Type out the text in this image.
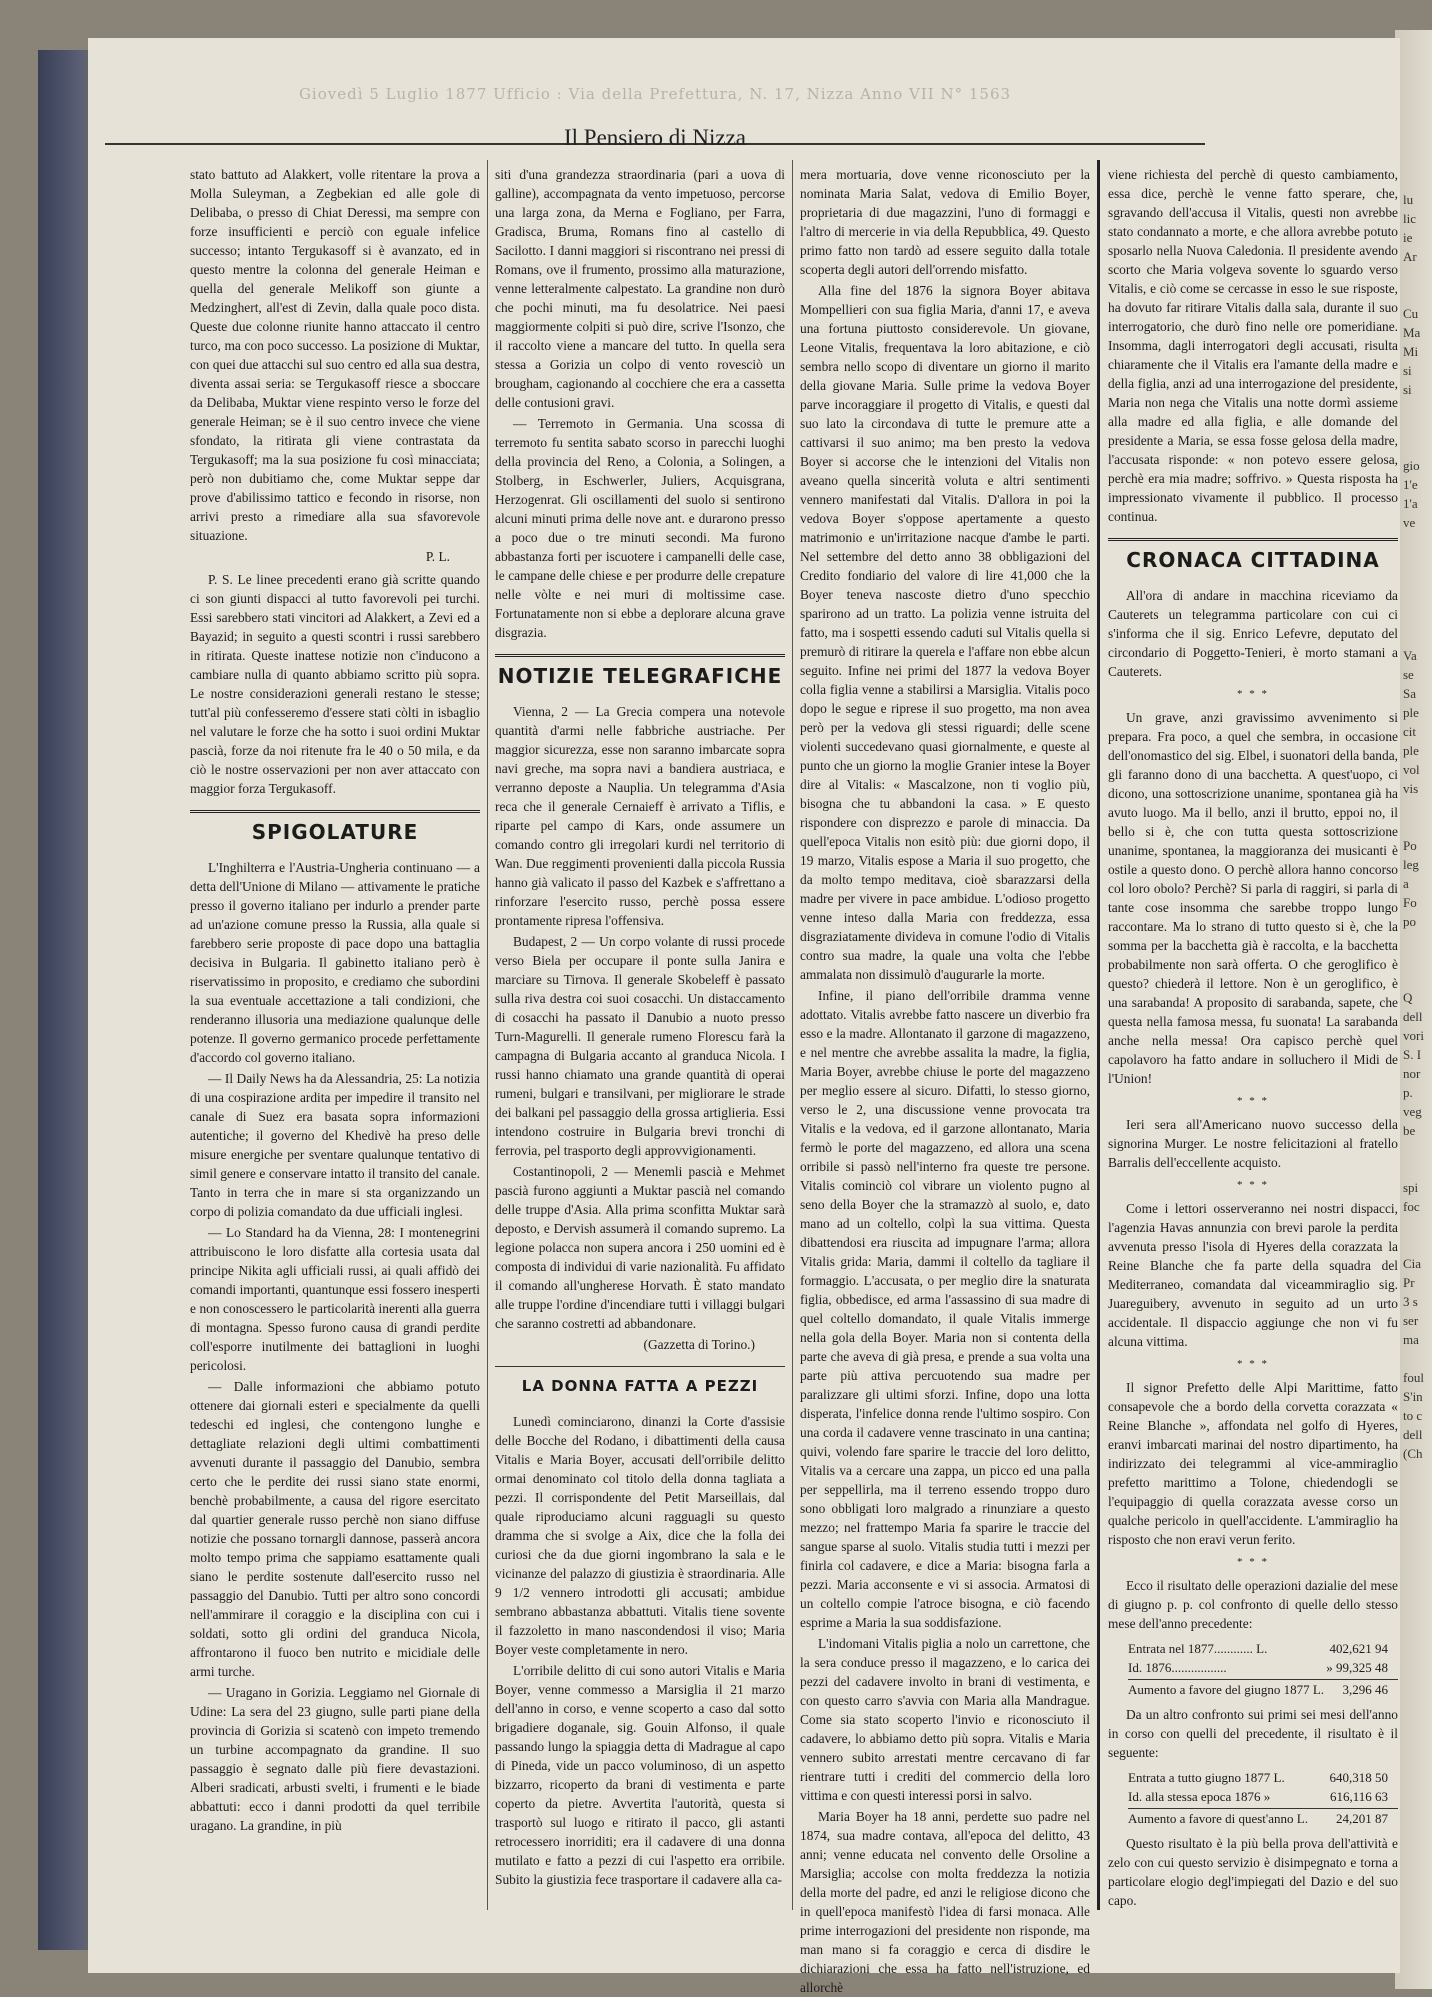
Giovedì 5 Luglio 1877 Ufficio : Via della Prefettura, N. 17, Nizza Anno VII N° 1563
Il Pensiero di Nizza

stato battuto ad Alakkert, volle ritentare la prova a Molla Suleyman, a Zegbekian ed alle gole di Delibaba, o presso di Chiat Deressi, ma sempre con forze insufficienti e perciò con eguale infelice successo; intanto Tergukasoff si è avanzato, ed in questo mentre la colonna del generale Heiman e quella del generale Melikoff son giunte a Medzinghert, all'est di Zevin, dalla quale poco dista. Queste due colonne riunite hanno attaccato il centro turco, ma con poco successo. La posizione di Muktar, con quei due attacchi sul suo centro ed alla sua destra, diventa assai seria: se Tergukasoff riesce a sboccare da Delibaba, Muktar viene respinto verso le forze del generale Heiman; se è il suo centro invece che viene sfondato, la ritirata gli viene contrastata da Tergukasoff; ma la sua posizione fu così minacciata; però non dubitiamo che, come Muktar seppe dar prove d'abilissimo tattico e fecondo in risorse, non arrivi presto a rimediare alla sua sfavorevole situazione.

P. L.

P. S. Le linee precedenti erano già scritte quando ci son giunti dispacci al tutto favorevoli pei turchi. Essi sarebbero stati vincitori ad Alakkert, a Zevi ed a Bayazid; in seguito a questi scontri i russi sarebbero in ritirata. Queste inattese notizie non c'inducono a cambiare nulla di quanto abbiamo scritto più sopra. Le nostre considerazioni generali restano le stesse; tutt'al più confesseremo d'essere stati còlti in isbaglio nel valutare le forze che ha sotto i suoi ordini Muktar pascià, forze da noi ritenute fra le 40 o 50 mila, e da ciò le nostre osservazioni per non aver attaccato con maggior forza Tergukasoff.

SPIGOLATURE

L'Inghilterra e l'Austria-Ungheria continuano — a detta dell'Unione di Milano — attivamente le pratiche presso il governo italiano per indurlo a prender parte ad un'azione comune presso la Russia, alla quale si farebbero serie proposte di pace dopo una battaglia decisiva in Bulgaria. Il gabinetto italiano però è riservatissimo in proposito, e crediamo che subordini la sua eventuale accettazione a tali condizioni, che renderanno illusoria una mediazione qualunque delle potenze. Il governo germanico procede perfettamente d'accordo col governo italiano.

— Il Daily News ha da Alessandria, 25: La notizia di una cospirazione ardita per impedire il transito nel canale di Suez era basata sopra informazioni autentiche; il governo del Khedivè ha preso delle misure energiche per sventare qualunque tentativo di simil genere e conservare intatto il transito del canale. Tanto in terra che in mare si sta organizzando un corpo di polizia comandato da due ufficiali inglesi.

— Lo Standard ha da Vienna, 28: I montenegrini attribuiscono le loro disfatte alla cortesia usata dal principe Nikita agli ufficiali russi, ai quali affidò dei comandi importanti, quantunque essi fossero inesperti e non conoscessero le particolarità inerenti alla guerra di montagna. Spesso furono causa di grandi perdite coll'esporre inutilmente dei battaglioni in luoghi pericolosi.

— Dalle informazioni che abbiamo potuto ottenere dai giornali esteri e specialmente da quelli tedeschi ed inglesi, che contengono lunghe e dettagliate relazioni degli ultimi combattimenti avvenuti durante il passaggio del Danubio, sembra certo che le perdite dei russi siano state enormi, benchè probabilmente, a causa del rigore esercitato dal quartier generale russo perchè non siano diffuse notizie che possano tornargli dannose, passerà ancora molto tempo prima che sappiamo esattamente quali siano le perdite sostenute dall'esercito russo nel passaggio del Danubio. Tutti per altro sono concordi nell'ammirare il coraggio e la disciplina con cui i soldati, sotto gli ordini del granduca Nicola, affrontarono il fuoco ben nutrito e micidiale delle armi turche.

— Uragano in Gorizia. Leggiamo nel Giornale di Udine: La sera del 23 giugno, sulle parti piane della provincia di Gorizia si scatenò con impeto tremendo un turbine accompagnato da grandine. Il suo passaggio è segnato dalle più fiere devastazioni. Alberi sradicati, arbusti svelti, i frumenti e le biade abbattuti: ecco i danni prodotti da quel terribile uragano. La grandine, in più

siti d'una grandezza straordinaria (pari a uova di galline), accompagnata da vento impetuoso, percorse una larga zona, da Merna e Fogliano, per Farra, Gradisca, Bruma, Romans fino al castello di Sacilotto. I danni maggiori si riscontrano nei pressi di Romans, ove il frumento, prossimo alla maturazione, venne letteralmente calpestato. La grandine non durò che pochi minuti, ma fu desolatrice. Nei paesi maggiormente colpiti si può dire, scrive l'Isonzo, che il raccolto viene a mancare del tutto. In quella sera stessa a Gorizia un colpo di vento rovesciò un brougham, cagionando al cocchiere che era a cassetta delle contusioni gravi.

— Terremoto in Germania. Una scossa di terremoto fu sentita sabato scorso in parecchi luoghi della provincia del Reno, a Colonia, a Solingen, a Stolberg, in Eschwerler, Juliers, Acquisgrana, Herzogenrat. Gli oscillamenti del suolo si sentirono alcuni minuti prima delle nove ant. e durarono presso a poco due o tre minuti secondi. Ma furono abbastanza forti per iscuotere i campanelli delle case, le campane delle chiese e per produrre delle crepature nelle vòlte e nei muri di moltissime case. Fortunatamente non si ebbe a deplorare alcuna grave disgrazia.

NOTIZIE TELEGRAFICHE

Vienna, 2 — La Grecia compera una notevole quantità d'armi nelle fabbriche austriache. Per maggior sicurezza, esse non saranno imbarcate sopra navi greche, ma sopra navi a bandiera austriaca, e verranno deposte a Nauplia. Un telegramma d'Asia reca che il generale Cernaieff è arrivato a Tiflis, e riparte pel campo di Kars, onde assumere un comando contro gli irregolari kurdi nel territorio di Wan. Due reggimenti provenienti dalla piccola Russia hanno già valicato il passo del Kazbek e s'affrettano a rinforzare l'esercito russo, perchè possa essere prontamente ripresa l'offensiva.

Budapest, 2 — Un corpo volante di russi procede verso Biela per occupare il ponte sulla Janira e marciare su Tirnova. Il generale Skobeleff è passato sulla riva destra coi suoi cosacchi. Un distaccamento di cosacchi ha passato il Danubio a nuoto presso Turn-Magurelli. Il generale rumeno Florescu farà la campagna di Bulgaria accanto al granduca Nicola. I russi hanno chiamato una grande quantità di operai rumeni, bulgari e transilvani, per migliorare le strade dei balkani pel passaggio della grossa artiglieria. Essi intendono costruire in Bulgaria brevi tronchi di ferrovia, pel trasporto degli approvvigionamenti.

Costantinopoli, 2 — Menemli pascià e Mehmet pascià furono aggiunti a Muktar pascià nel comando delle truppe d'Asia. Alla prima sconfitta Muktar sarà deposto, e Dervish assumerà il comando supremo. La legione polacca non supera ancora i 250 uomini ed è composta di individui di varie nazionalità. Fu affidato il comando all'ungherese Horvath. È stato mandato alle truppe l'ordine d'incendiare tutti i villaggi bulgari che saranno costretti ad abbandonare.

(Gazzetta di Torino.)
LA DONNA FATTA A PEZZI

Lunedì cominciarono, dinanzi la Corte d'assisie delle Bocche del Rodano, i dibattimenti della causa Vitalis e Maria Boyer, accusati dell'orribile delitto ormai denominato col titolo della donna tagliata a pezzi. Il corrispondente del Petit Marseillais, dal quale riproduciamo alcuni ragguagli su questo dramma che si svolge a Aix, dice che la folla dei curiosi che da due giorni ingombrano la sala e le vicinanze del palazzo di giustizia è straordinaria. Alle 9 1/2 vennero introdotti gli accusati; ambidue sembrano abbastanza abbattuti. Vitalis tiene sovente il fazzoletto in mano nascondendosi il viso; Maria Boyer veste completamente in nero.

L'orribile delitto di cui sono autori Vitalis e Maria Boyer, venne commesso a Marsiglia il 21 marzo dell'anno in corso, e venne scoperto a caso dal sotto brigadiere doganale, sig. Gouin Alfonso, il quale passando lungo la spiaggia detta di Madrague al capo di Pineda, vide un pacco voluminoso, di un aspetto bizzarro, ricoperto da brani di vestimenta e parte coperto da pietre. Avvertita l'autorità, questa si trasportò sul luogo e ritirato il pacco, gli astanti retrocessero inorriditi; era il cadavere di una donna mutilato e fatto a pezzi di cui l'aspetto era orribile. Subito la giustizia fece trasportare il cadavere alla ca-

mera mortuaria, dove venne riconosciuto per la nominata Maria Salat, vedova di Emilio Boyer, proprietaria di due magazzini, l'uno di formaggi e l'altro di mercerie in via della Repubblica, 49. Questo primo fatto non tardò ad essere seguito dalla totale scoperta degli autori dell'orrendo misfatto.

Alla fine del 1876 la signora Boyer abitava Mompellieri con sua figlia Maria, d'anni 17, e aveva una fortuna piuttosto considerevole. Un giovane, Leone Vitalis, frequentava la loro abitazione, e ciò sembra nello scopo di diventare un giorno il marito della giovane Maria. Sulle prime la vedova Boyer parve incoraggiare il progetto di Vitalis, e questi dal suo lato la circondava di tutte le premure atte a cattivarsi il suo animo; ma ben presto la vedova Boyer si accorse che le intenzioni del Vitalis non aveano quella sincerità voluta e altri sentimenti vennero manifestati dal Vitalis. D'allora in poi la vedova Boyer s'oppose apertamente a questo matrimonio e un'irritazione nacque d'ambe le parti. Nel settembre del detto anno 38 obbligazioni del Credito fondiario del valore di lire 41,000 che la Boyer teneva nascoste dietro d'uno specchio sparirono ad un tratto. La polizia venne istruita del fatto, ma i sospetti essendo caduti sul Vitalis quella si premurò di ritirare la querela e l'affare non ebbe alcun seguito. Infine nei primi del 1877 la vedova Boyer colla figlia venne a stabilirsi a Marsiglia. Vitalis poco dopo le segue e riprese il suo progetto, ma non avea però per la vedova gli stessi riguardi; delle scene violenti succedevano quasi giornalmente, e queste al punto che un giorno la moglie Granier intese la Boyer dire al Vitalis: « Mascalzone, non ti voglio più, bisogna che tu abbandoni la casa. » E questo rispondere con disprezzo e parole di minaccia. Da quell'epoca Vitalis non esitò più: due giorni dopo, il 19 marzo, Vitalis espose a Maria il suo progetto, che da molto tempo meditava, cioè sbarazzarsi della madre per vivere in pace ambidue. L'odioso progetto venne inteso dalla Maria con freddezza, essa disgraziatamente divideva in comune l'odio di Vitalis contro sua madre, la quale una volta che l'ebbe ammalata non dissimulò d'augurarle la morte.

Infine, il piano dell'orribile dramma venne adottato. Vitalis avrebbe fatto nascere un diverbio fra esso e la madre. Allontanato il garzone di magazzeno, e nel mentre che avrebbe assalita la madre, la figlia, Maria Boyer, avrebbe chiuse le porte del magazzeno per meglio essere al sicuro. Difatti, lo stesso giorno, verso le 2, una discussione venne provocata tra Vitalis e la vedova, ed il garzone allontanato, Maria fermò le porte del magazzeno, ed allora una scena orribile si passò nell'interno fra queste tre persone. Vitalis cominciò col vibrare un violento pugno al seno della Boyer che la stramazzò al suolo, e, dato mano ad un coltello, colpì la sua vittima. Questa dibattendosi era riuscita ad impugnare l'arma; allora Vitalis grida: Maria, dammi il coltello da tagliare il formaggio. L'accusata, o per meglio dire la snaturata figlia, obbedisce, ed arma l'assassino di sua madre di quel coltello domandato, il quale Vitalis immerge nella gola della Boyer. Maria non si contenta della parte che aveva di già presa, e prende a sua volta una parte più attiva percuotendo sua madre per paralizzare gli ultimi sforzi. Infine, dopo una lotta disperata, l'infelice donna rende l'ultimo sospiro. Con una corda il cadavere venne trascinato in una cantina; quivi, volendo fare sparire le traccie del loro delitto, Vitalis va a cercare una zappa, un picco ed una palla per seppellirla, ma il terreno essendo troppo duro sono obbligati loro malgrado a rinunziare a questo mezzo; nel frattempo Maria fa sparire le traccie del sangue sparse al suolo. Vitalis studia tutti i mezzi per finirla col cadavere, e dice a Maria: bisogna farla a pezzi. Maria acconsente e vi si associa. Armatosi di un coltello compie l'atroce bisogna, e ciò facendo esprime a Maria la sua soddisfazione.

L'indomani Vitalis piglia a nolo un carrettone, che la sera conduce presso il magazzeno, e lo carica dei pezzi del cadavere involto in brani di vestimenta, e con questo carro s'avvia con Maria alla Mandrague. Come sia stato scoperto l'invio e riconosciuto il cadavere, lo abbiamo detto più sopra. Vitalis e Maria vennero subito arrestati mentre cercavano di far rientrare tutti i crediti del commercio della loro vittima e con questi interessi porsi in salvo.

Maria Boyer ha 18 anni, perdette suo padre nel 1874, sua madre contava, all'epoca del delitto, 43 anni; venne educata nel convento delle Orsoline a Marsiglia; accolse con molta freddezza la notizia della morte del padre, ed anzi le religiose dicono che in quell'epoca manifestò l'idea di farsi monaca. Alle prime interrogazioni del presidente non risponde, ma man mano si fa coraggio e cerca di disdire le dichiarazioni che essa ha fatto nell'istruzione, ed allorchè

viene richiesta del perchè di questo cambiamento, essa dice, perchè le venne fatto sperare, che, sgravando dell'accusa il Vitalis, questi non avrebbe stato condannato a morte, e che allora avrebbe potuto sposarlo nella Nuova Caledonia. Il presidente avendo scorto che Maria volgeva sovente lo sguardo verso Vitalis, e ciò come se cercasse in esso le sue risposte, ha dovuto far ritirare Vitalis dalla sala, durante il suo interrogatorio, che durò fino nelle ore pomeridiane. Insomma, dagli interrogatori degli accusati, risulta chiaramente che il Vitalis era l'amante della madre e della figlia, anzi ad una interrogazione del presidente, Maria non nega che Vitalis una notte dormì assieme alla madre ed alla figlia, e alle domande del presidente a Maria, se essa fosse gelosa della madre, l'accusata risponde: « non potevo essere gelosa, perchè era mia madre; soffrivo. » Questa risposta ha impressionato vivamente il pubblico. Il processo continua.

CRONACA CITTADINA

All'ora di andare in macchina riceviamo da Cauterets un telegramma particolare con cui ci s'informa che il sig. Enrico Lefevre, deputato del circondario di Poggetto-Tenieri, è morto stamani a Cauterets.

* * *

Un grave, anzi gravissimo avvenimento si prepara. Fra poco, a quel che sembra, in occasione dell'onomastico del sig. Elbel, i suonatori della banda, gli faranno dono di una bacchetta. A quest'uopo, ci dicono, una sottoscrizione unanime, spontanea già ha avuto luogo. Ma il bello, anzi il brutto, eppoi no, il bello si è, che con tutta questa sottoscrizione unanime, spontanea, la maggioranza dei musicanti è ostile a questo dono. O perchè allora hanno concorso col loro obolo? Perchè? Si parla di raggiri, si parla di tante cose insomma che sarebbe troppo lungo raccontare. Ma lo strano di tutto questo si è, che la somma per la bacchetta già è raccolta, e la bacchetta probabilmente non sarà offerta. O che geroglifico è questo? chiederà il lettore. Non è un geroglifico, è una sarabanda! A proposito di sarabanda, sapete, che questa nella famosa messa, fu suonata! La sarabanda anche nella messa! Ora capisco perchè quel capolavoro ha fatto andare in solluchero il Midi de l'Union!

* * *

Ieri sera all'Americano nuovo successo della signorina Murger. Le nostre felicitazioni al fratello Barralis dell'eccellente acquisto.

* * *

Come i lettori osserveranno nei nostri dispacci, l'agenzia Havas annunzia con brevi parole la perdita avvenuta presso l'isola di Hyeres della corazzata la Reine Blanche che fa parte della squadra del Mediterraneo, comandata dal viceammiraglio sig. Juareguibery, avvenuto in seguito ad un urto accidentale. Il dispaccio aggiunge che non vi fu alcuna vittima.

* * *

Il signor Prefetto delle Alpi Marittime, fatto consapevole che a bordo della corvetta corazzata « Reine Blanche », affondata nel golfo di Hyeres, eranvi imbarcati marinai del nostro dipartimento, ha indirizzato dei telegrammi al vice-ammiraglio prefetto marittimo a Tolone, chiedendogli se l'equipaggio di quella corazzata avesse corso un qualche pericolo in quell'accidente. L'ammiraglio ha risposto che non eravi verun ferito.

* * *

Ecco il risultato delle operazioni dazialie del mese di giugno p. p. col confronto di quelle dello stesso mese dell'anno precedente:

Entrata nel 1877............ L.	402,621 94
Id. 1876.................	» 99,325 48
Aumento a favore del giugno 1877 L. 3,296 46

Da un altro confronto sui primi sei mesi dell'anno in corso con quelli del precedente, il risultato è il seguente:

Entrata a tutto giugno 1877 L.	640,318 50
Id. alla stessa epoca 1876 »	616,116 63
Aumento a favore di quest'anno L. 24,201 87

Questo risultato è la più bella prova dell'attività e zelo con cui questo servizio è disimpegnato e torna a particolare elogio degl'impiegati del Dazio e del suo capo.

lu
lic
ie
Ar
Cu
Ma
Mi
si
si
gio
1'e
1'a
ve
Va
se
Sa
ple
cit
ple
vol
vis
Po
leg
a
Fo
po
Q
dell
vori
S. I
nor
p.
veg
be
spi
foc
Cia
Pr
3 s
ser
ma
foul
S'in
to c
dell
(Ch
